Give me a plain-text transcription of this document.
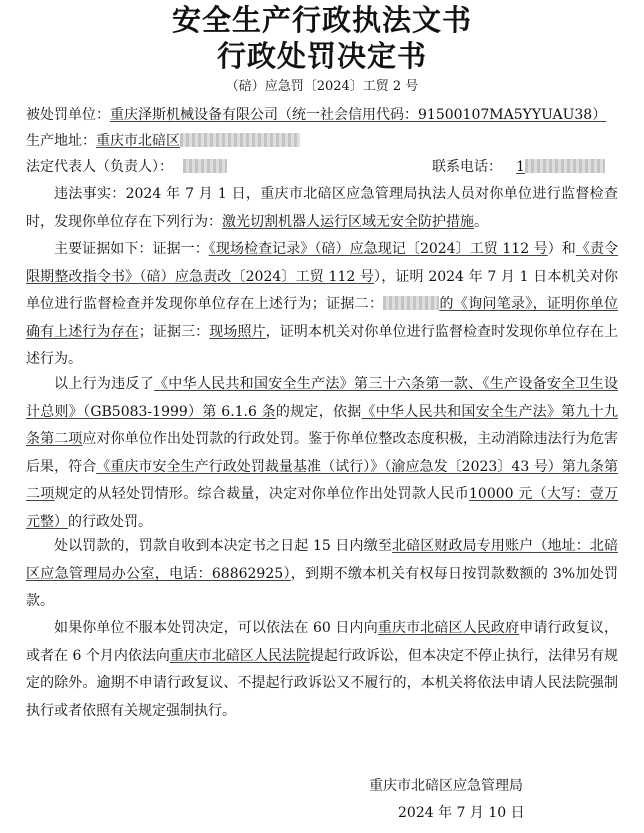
安全生产行政执法文书
行政处罚决定书
（碚）应急罚〔2024〕工贸 2 号
被处罚单位：重庆泽斯机械设备有限公司（统一社会信用代码：91500107MA5YYUAU38）
生产地址：重庆市北碚区
法定代表人（负责人）：	联系电话： 1
违法事实：2024 年 7 月 1 日，重庆市北碚区应急管理局执法人员对你单位进行监督检查时，发现你单位存在下列行为：激光切割机器人运行区域无安全防护措施。
主要证据如下：证据一：《现场检查记录》（碚）应急现记〔2024〕工贸 112 号）和《责令限期整改指令书》（碚）应急责改〔2024〕工贸 112 号），证明 2024 年 7 月 1 日本机关对你单位进行监督检查并发现你单位存在上述行为；证据二：	的《询问笔录》，证明你单位确有上述行为存在；证据三：现场照片，证明本机关对你单位进行监督检查时发现你单位存在上述行为。
以上行为违反了《中华人民共和国安全生产法》第三十六条第一款、《生产设备安全卫生设计总则》（GB5083-1999）第 6.1.6 条的规定，依据《中华人民共和国安全生产法》第九十九条第二项应对你单位作出处罚款的行政处罚。鉴于你单位整改态度积极，主动消除违法行为危害后果，符合《重庆市安全生产行政处罚裁量基准（试行）》（渝应急发〔2023〕43 号）第九条第二项规定的从轻处罚情形。综合裁量，决定对你单位作出处罚款人民币10000 元（大写：壹万元整）的行政处罚。
处以罚款的，罚款自收到本决定书之日起 15 日内缴至北碚区财政局专用账户（地址：北碚区应急管理局办公室，电话：68862925），到期不缴本机关有权每日按罚款数额的 3%加处罚款。
如果你单位不服本处罚决定，可以依法在 60 日内向重庆市北碚区人民政府申请行政复议，或者在 6 个月内依法向重庆市北碚区人民法院提起行政诉讼，但本决定不停止执行，法律另有规定的除外。逾期不申请行政复议、不提起行政诉讼又不履行的，本机关将依法申请人民法院强制执行或者依照有关规定强制执行。
重庆市北碚区应急管理局
2024 年 7 月 10 日
